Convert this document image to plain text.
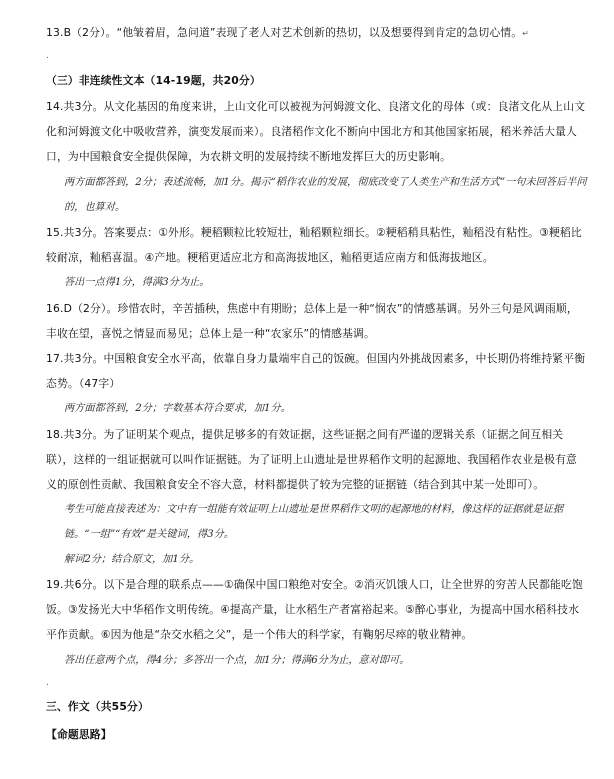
13.B（2分）。“他皱着眉，急问道”表现了老人对艺术创新的热切，以及想要得到肯定的急切心情。↵
.
（三）非连续性文本（14-19题，共20分）
14.共3分。从文化基因的角度来讲，上山文化可以被视为河姆渡文化、良渚文化的母体（或：良渚文化从上山文化和河姆渡文化中吸收营养，演变发展而来）。良渚稻作文化不断向中国北方和其他国家拓展，稻米养活大量人口，为中国粮食安全提供保障，为农耕文明的发展持续不断地发挥巨大的历史影响。
两方面都答到，2分；表述流畅，加1分。揭示“稻作农业的发展，彻底改变了人类生产和生活方式”一句未回答后半问的，也算对。
15.共3分。答案要点：①外形。粳稻颗粒比较短壮，籼稻颗粒细长。②粳稻稍具粘性，籼稻没有粘性。③粳稻比较耐凉，籼稻喜温。④产地。粳稻更适应北方和高海拔地区，籼稻更适应南方和低海拔地区。
答出一点得1分，得满3分为止。
16.D（2分）。珍惜农时，辛苦插秧，焦虑中有期盼；总体上是一种“悯农”的情感基调。另外三句是风调雨顺，丰收在望，喜悦之情显而易见；总体上是一种“农家乐”的情感基调。
17.共3分。中国粮食安全水平高，依靠自身力量端牢自己的饭碗。但国内外挑战因素多，中长期仍将维持紧平衡态势。（47字）
两方面都答到，2分；字数基本符合要求，加1分。
18.共3分。为了证明某个观点，提供足够多的有效证据，这些证据之间有严谨的逻辑关系（证据之间互相关联），这样的一组证据就可以叫作证据链。为了证明上山遗址是世界稻作文明的起源地、我国稻作农业是极有意义的原创性贡献、我国粮食安全不容大意，材料都提供了较为完整的证据链（结合到其中某一处即可）。
考生可能直接表述为：文中有一组能有效证明上山遗址是世界稻作文明的起源地的材料，像这样的证据就是证据链。“一组”“有效”是关键词，得3分。
解词2分；结合原文，加1分。
19.共6分。以下是合理的联系点——①确保中国口粮绝对安全。②消灭饥饿人口，让全世界的穷苦人民都能吃饱饭。③发扬光大中华稻作文明传统。④提高产量，让水稻生产者富裕起来。⑤醉心事业，为提高中国水稻科技水平作贡献。⑥因为他是“杂交水稻之父”，是一个伟大的科学家，有鞠躬尽瘁的敬业精神。
答出任意两个点，得4分；多答出一个点，加1分；得满6分为止，意对即可。
.
三、作文（共55分）
【命题思路】
